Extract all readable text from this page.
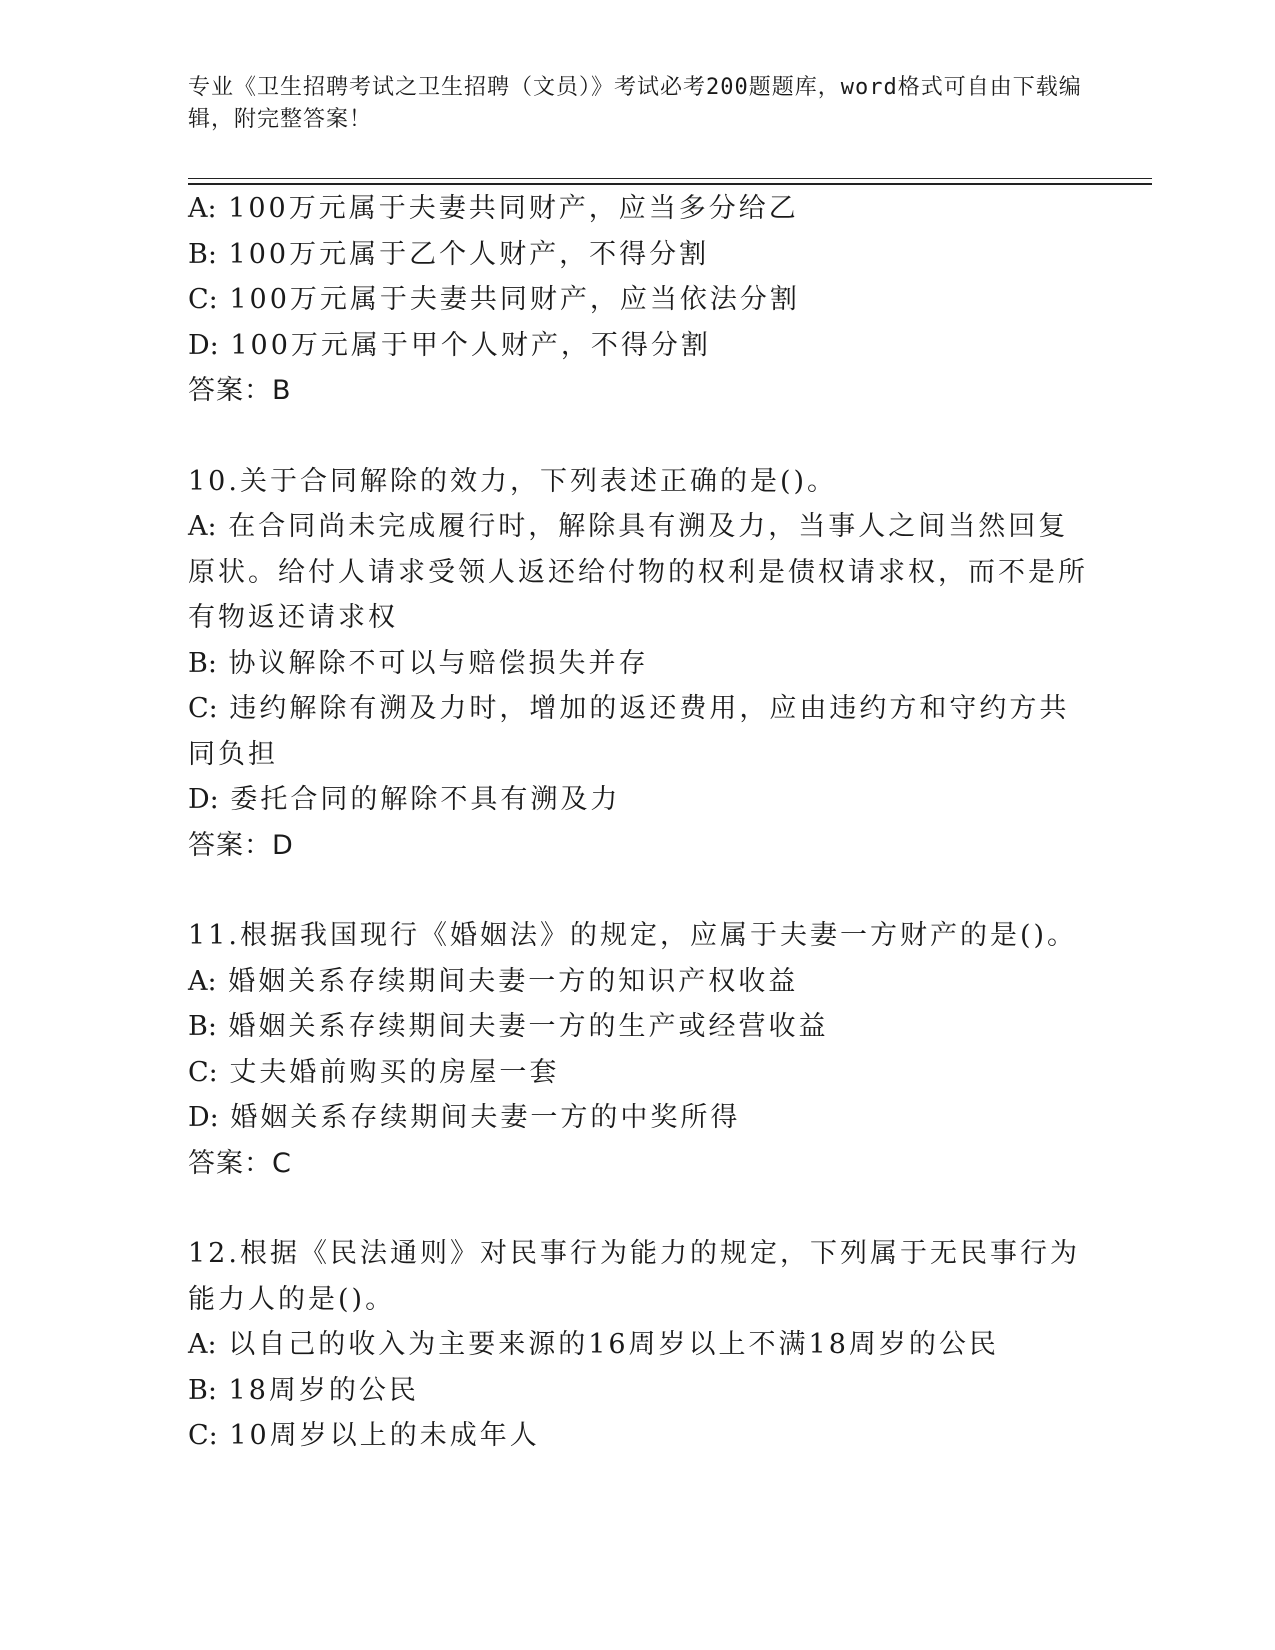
专业《卫生招聘考试之卫生招聘（文员）》考试必考200题题库，word格式可自由下载编辑，附完整答案！
A: 100万元属于夫妻共同财产，应当多分给乙
B: 100万元属于乙个人财产，不得分割
C: 100万元属于夫妻共同财产，应当依法分割
D: 100万元属于甲个人财产，不得分割
答案：B
10.关于合同解除的效力，下列表述正确的是()。
A: 在合同尚未完成履行时，解除具有溯及力，当事人之间当然回复原状。给付人请求受领人返还给付物的权利是债权请求权，而不是所有物返还请求权
B: 协议解除不可以与赔偿损失并存
C: 违约解除有溯及力时，增加的返还费用，应由违约方和守约方共同负担
D: 委托合同的解除不具有溯及力
答案：D
11.根据我国现行《婚姻法》的规定，应属于夫妻一方财产的是()。
A: 婚姻关系存续期间夫妻一方的知识产权收益
B: 婚姻关系存续期间夫妻一方的生产或经营收益
C: 丈夫婚前购买的房屋一套
D: 婚姻关系存续期间夫妻一方的中奖所得
答案：C
12.根据《民法通则》对民事行为能力的规定，下列属于无民事行为能力人的是()。
A: 以自己的收入为主要来源的16周岁以上不满18周岁的公民
B: 18周岁的公民
C: 10周岁以上的未成年人
